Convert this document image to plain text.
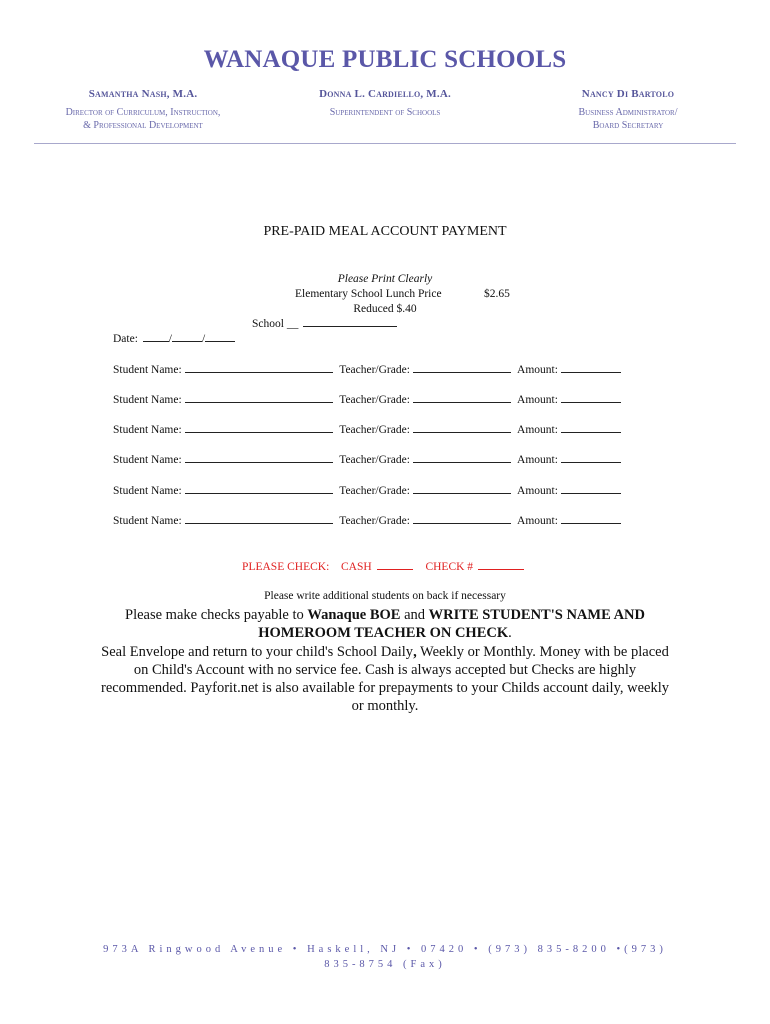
WANAQUE PUBLIC SCHOOLS
Samantha Nash, M.A.
Director of Curriculum, Instruction,
& Professional Development
Donna L. Cardiello, M.A.
Superintendent of Schools
Nancy Di Bartolo
Business Administrator/
Board Secretary
PRE-PAID MEAL ACCOUNT PAYMENT
Please Print Clearly
Elementary School Lunch Price	$2.65
Reduced $.40
School __
Date:	/	/
Student Name:	Teacher/Grade:	Amount:
Student Name:	Teacher/Grade:	Amount:
Student Name:	Teacher/Grade:	Amount:
Student Name:	Teacher/Grade:	Amount:
Student Name:	Teacher/Grade:	Amount:
Student Name:	Teacher/Grade:	Amount:
PLEASE CHECK: CASH	CHECK #
Please write additional students on back if necessary
Please make checks payable to Wanaque BOE and WRITE STUDENT'S NAME AND HOMEROOM TEACHER ON CHECK.
Seal Envelope and return to your child's School Daily, Weekly or Monthly. Money with be placed on Child's Account with no service fee. Cash is always accepted but Checks are highly recommended. Payforit.net is also available for prepayments to your Childs account daily, weekly or monthly.
973A Ringwood Avenue • Haskell, NJ • 07420 • (973) 835-8200 •(973)
835-8754 (Fax)
